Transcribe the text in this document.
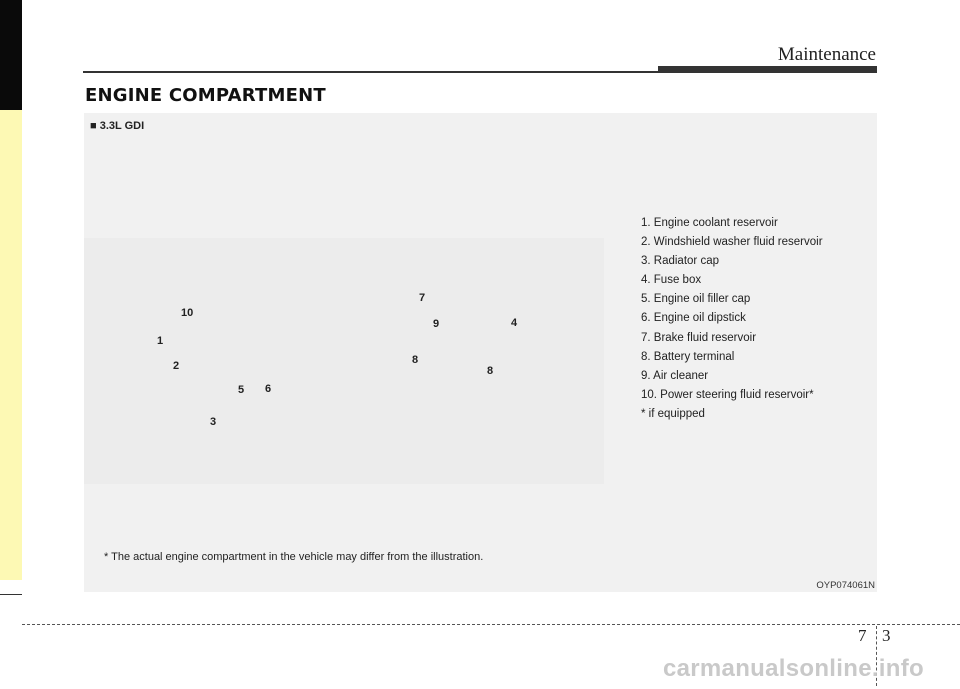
Maintenance
ENGINE COMPARTMENT
■ 3.3L GDI
10
1
2
5 6
3
7
9	4
8
8
1. Engine coolant reservoir
2. Windshield washer fluid reservoir
3. Radiator cap
4. Fuse box
5. Engine oil filler cap
6. Engine oil dipstick
7. Brake fluid reservoir
8. Battery terminal
9. Air cleaner
10. Power steering fluid reservoir*
* if equipped
* The actual engine compartment in the vehicle may differ from the illustration.
OYP074061N
7 3
carmanualsonline.info
